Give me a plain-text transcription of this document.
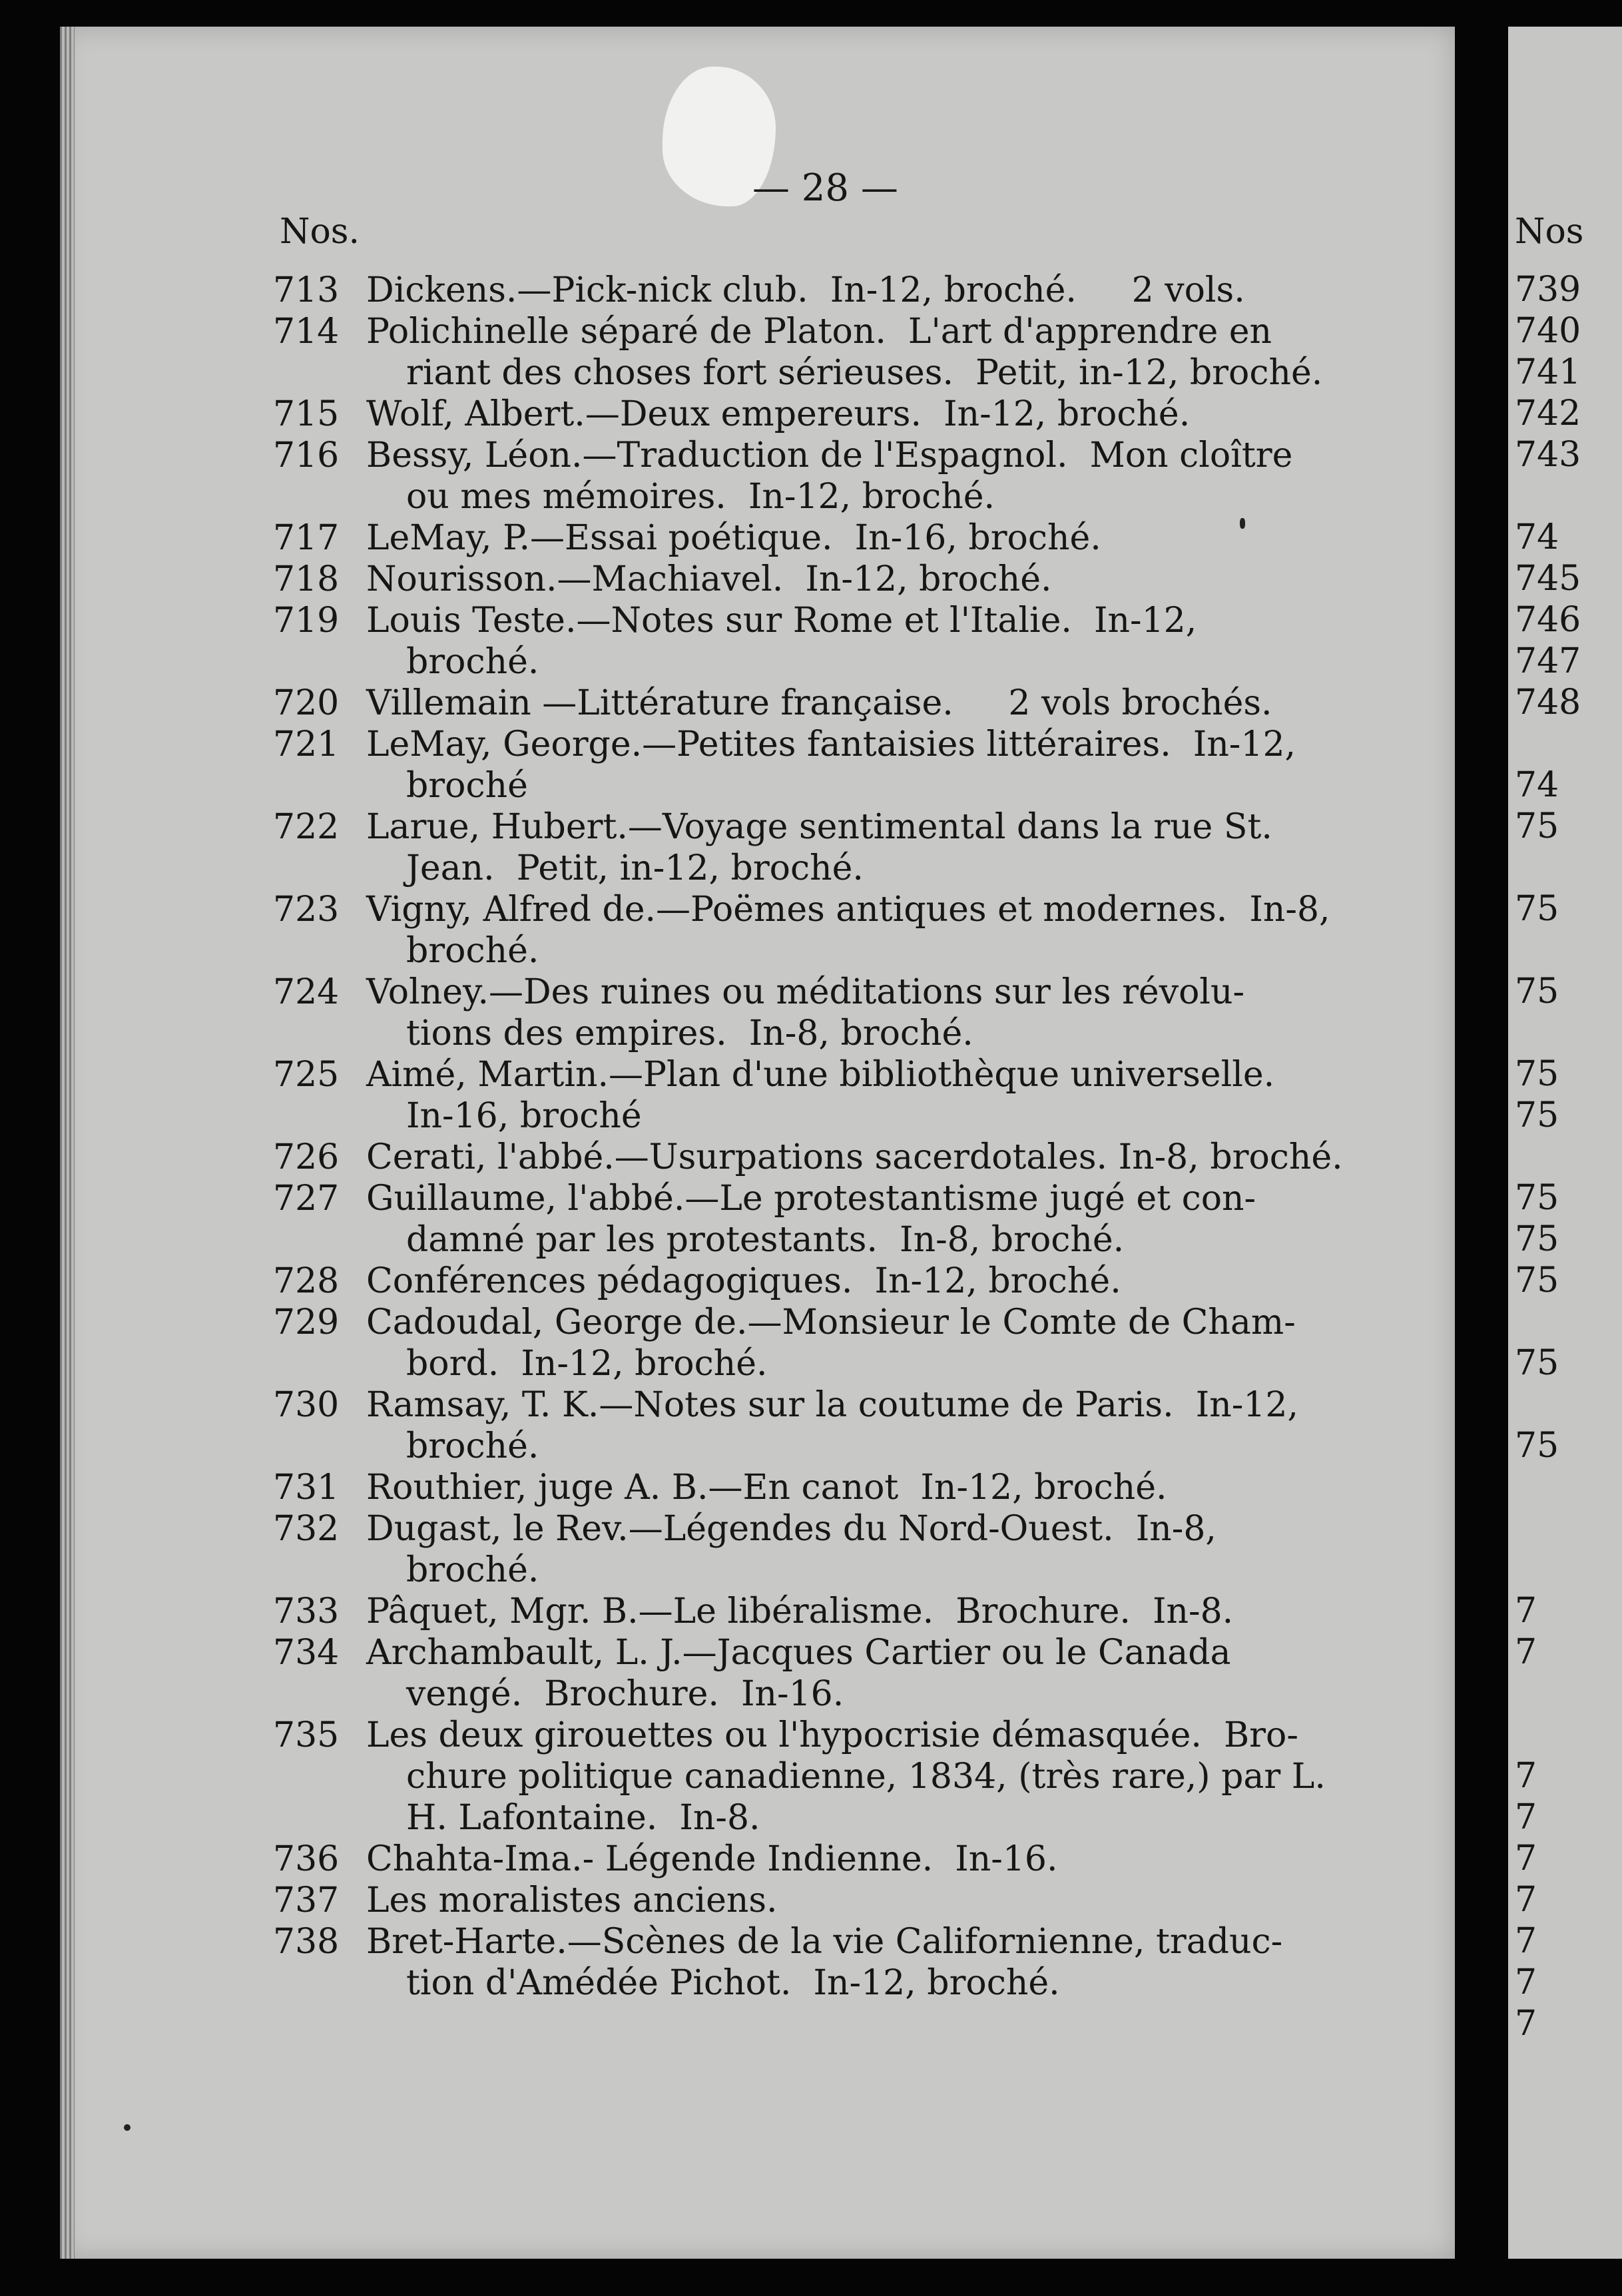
— 28 —
Nos.
713 Dickens.—Pick-nick club.  In-12, broché.     2 vols.
714 Polichinelle séparé de Platon.  L'art d'apprendre en
riant des choses fort sérieuses.  Petit, in-12, broché.
715 Wolf, Albert.—Deux empereurs.  In-12, broché.
716 Bessy, Léon.—Traduction de l'Espagnol.  Mon cloître
ou mes mémoires.  In-12, broché.
717 LeMay, P.—Essai poétique.  In-16, broché.
718 Nourisson.—Machiavel.  In-12, broché.
719 Louis Teste.—Notes sur Rome et l'Italie.  In-12,
broché.
720 Villemain —Littérature française.     2 vols brochés.
721 LeMay, George.—Petites fantaisies littéraires.  In-12,
broché
722 Larue, Hubert.—Voyage sentimental dans la rue St.
Jean.  Petit, in-12, broché.
723 Vigny, Alfred de.—Poëmes antiques et modernes.  In-8,
broché.
724 Volney.—Des ruines ou méditations sur les révolu-
tions des empires.  In-8, broché.
725 Aimé, Martin.—Plan d'une bibliothèque universelle.
In-16, broché
726 Cerati, l'abbé.—Usurpations sacerdotales. In-8, broché.
727 Guillaume, l'abbé.—Le protestantisme jugé et con-
damné par les protestants.  In-8, broché.
728 Conférences pédagogiques.  In-12, broché.
729 Cadoudal, George de.—Monsieur le Comte de Cham-
bord.  In-12, broché.
730 Ramsay, T. K.—Notes sur la coutume de Paris.  In-12,
broché.
731 Routhier, juge A. B.—En canot  In-12, broché.
732 Dugast, le Rev.—Légendes du Nord-Ouest.  In-8,
broché.
733 Pâquet, Mgr. B.—Le libéralisme.  Brochure.  In-8.
734 Archambault, L. J.—Jacques Cartier ou le Canada
vengé.  Brochure.  In-16.
735 Les deux girouettes ou l'hypocrisie démasquée.  Bro-
chure politique canadienne, 1834, (très rare,) par L.
H. Lafontaine.  In-8.
736 Chahta-Ima.- Légende Indienne.  In-16.
737 Les moralistes anciens.
738 Bret-Harte.—Scènes de la vie Californienne, traduc-
tion d'Amédée Pichot.  In-12, broché.
Nos
739
740
741
742
743
74
745
746
747
748
74
75
75
75
75
75
75
75
75
75
75
7
7
7
7
7
7
7
7
7
